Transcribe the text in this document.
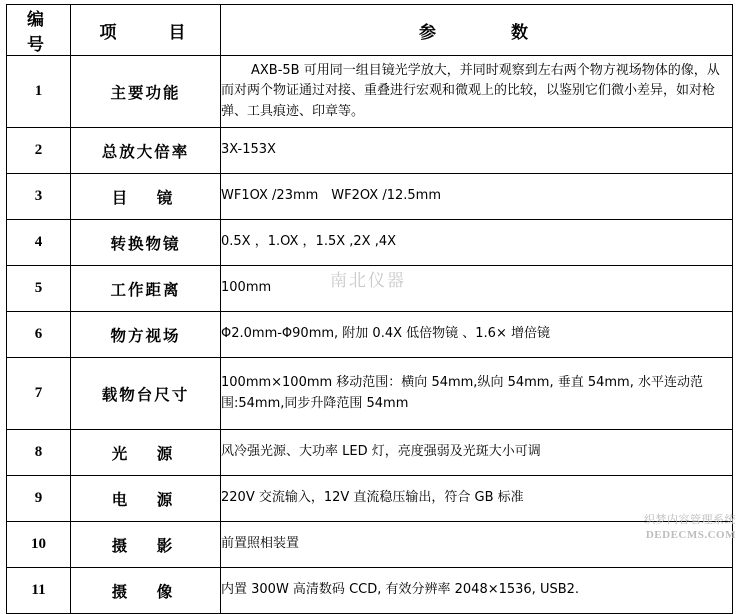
编　号	项　　目	参　　　数
1	主要功能	AXB-5B 可用同一组目镜光学放大，并同时观察到左右两个物方视场物体的像，从而对两个物证通过对接、重叠进行宏观和微观上的比较，以鉴别它们微小差异，如对枪弹、工具痕迹、印章等。

2	总放大倍率	3X-153X
3	目　镜	WF1OX /23mm　WF2OX /12.5mm
4	转换物镜	0.5X ，1.OX ，1.5X ,2X ,4X
5	工作距离	100mm
6	物方视场	Φ2.0mm-Φ90mm, 附加 0.4X 低倍物镜 、1.6× 增倍镜
7	载物台尺寸	100mm×100mm 移动范围：横向 54mm,纵向 54mm, 垂直 54mm, 水平连动范围:54mm,同步升降范围 54mm
8	光　源	风冷强光源、大功率 LED 灯，亮度强弱及光斑大小可调
9	电　源	220V 交流输入，12V 直流稳压输出，符合 GB 标准
10	摄　影	前置照相装置
11	摄　像	内置 300W 高清数码 CCD, 有效分辨率 2048×1536, USB2.
南北仪器
DEDECMS.COM
织梦内容管理系统
